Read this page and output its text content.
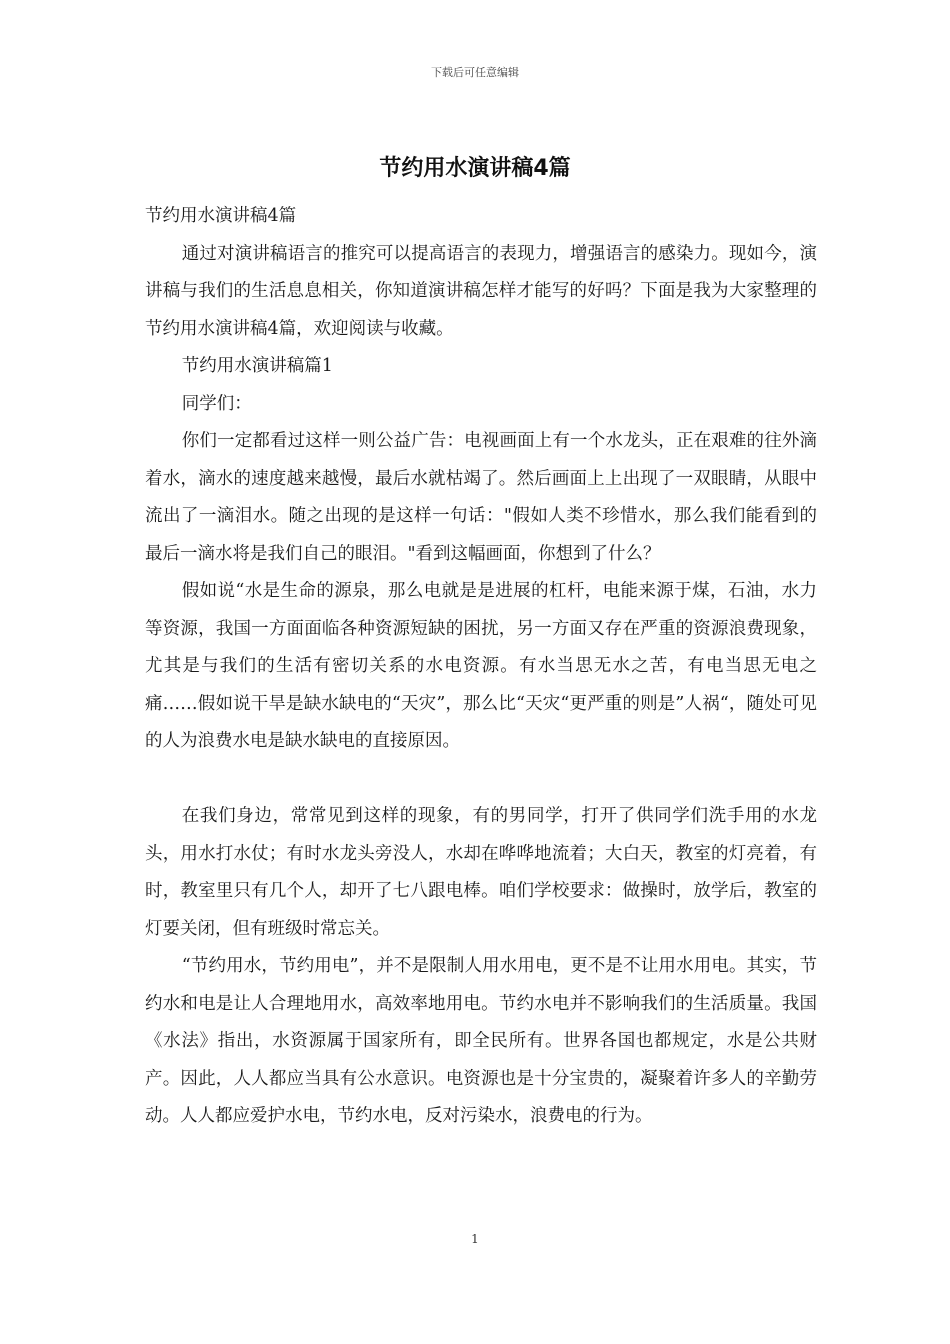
下载后可任意编辑
节约用水演讲稿4篇

节约用水演讲稿4篇

通过对演讲稿语言的推究可以提高语言的表现力，增强语言的感染力。现如今，演讲稿与我们的生活息息相关，你知道演讲稿怎样才能写的好吗？下面是我为大家整理的节约用水演讲稿4篇，欢迎阅读与收藏。

节约用水演讲稿篇1

同学们：

你们一定都看过这样一则公益广告：电视画面上有一个水龙头，正在艰难的往外滴着水，滴水的速度越来越慢，最后水就枯竭了。然后画面上上出现了一双眼睛，从眼中流出了一滴泪水。随之出现的是这样一句话："假如人类不珍惜水，那么我们能看到的最后一滴水将是我们自己的眼泪。"看到这幅画面，你想到了什么？

假如说“水是生命的源泉，那么电就是是进展的杠杆，电能来源于煤，石油，水力等资源，我国一方面面临各种资源短缺的困扰，另一方面又存在严重的资源浪费现象，尤其是与我们的生活有密切关系的水电资源。有水当思无水之苦，有电当思无电之痛……假如说干旱是缺水缺电的“天灾”，那么比“天灾“更严重的则是”人祸“，随处可见的人为浪费水电是缺水缺电的直接原因。

在我们身边，常常见到这样的现象，有的男同学，打开了供同学们洗手用的水龙头，用水打水仗；有时水龙头旁没人，水却在哗哗地流着；大白天，教室的灯亮着，有时，教室里只有几个人，却开了七八跟电棒。咱们学校要求：做操时，放学后，教室的灯要关闭，但有班级时常忘关。

“节约用水，节约用电”，并不是限制人用水用电，更不是不让用水用电。其实，节约水和电是让人合理地用水，高效率地用电。节约水电并不影响我们的生活质量。我国《水法》指出，水资源属于国家所有，即全民所有。世界各国也都规定，水是公共财产。因此，人人都应当具有公水意识。电资源也是十分宝贵的，凝聚着许多人的辛勤劳动。人人都应爱护水电，节约水电，反对污染水，浪费电的行为。

1
